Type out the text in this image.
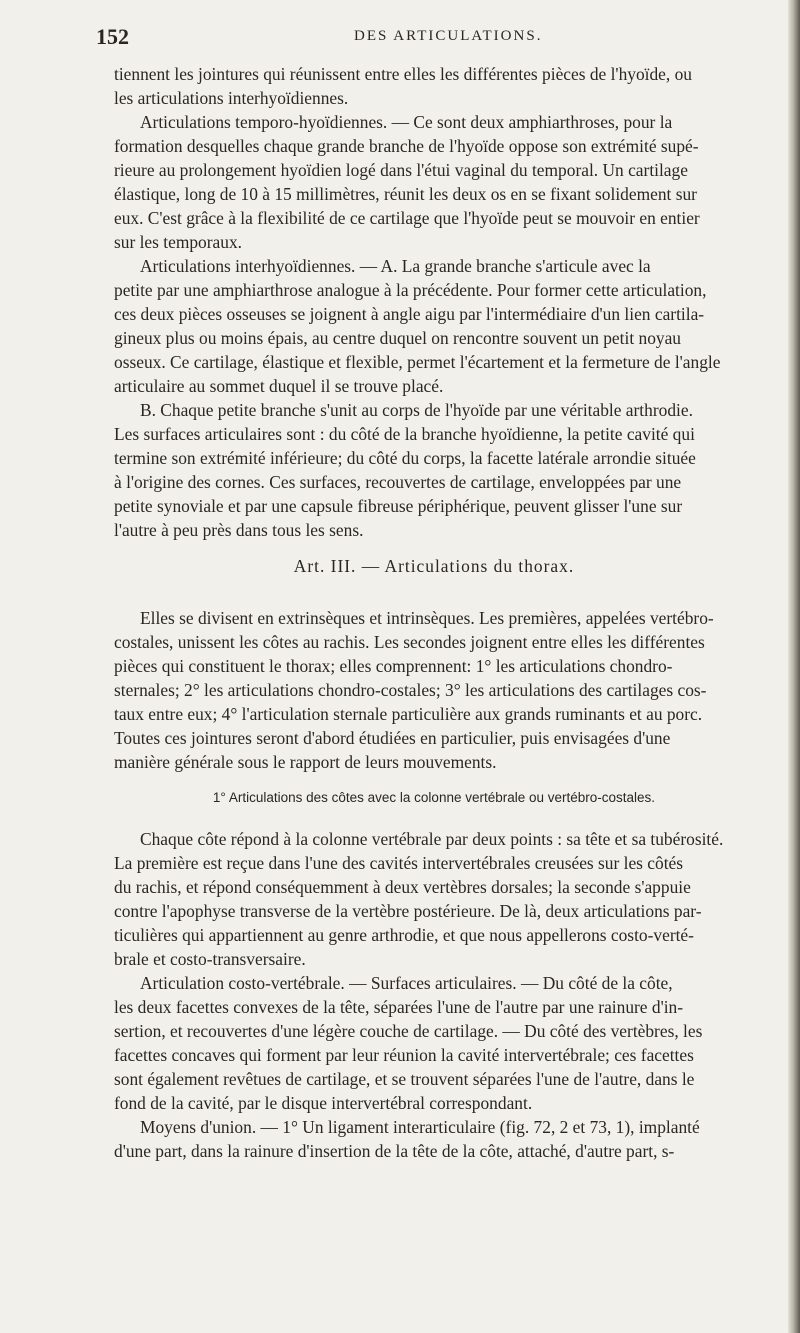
152	DES ARTICULATIONS.

tiennent les jointures qui réunissent entre elles les différentes pièces de l'hyoïde, ou

les articulations interhyoïdiennes.

Articulations temporo-hyoïdiennes. — Ce sont deux amphiarthroses, pour la

formation desquelles chaque grande branche de l'hyoïde oppose son extrémité supé-

rieure au prolongement hyoïdien logé dans l'étui vaginal du temporal. Un cartilage

élastique, long de 10 à 15 millimètres, réunit les deux os en se fixant solidement sur

eux. C'est grâce à la flexibilité de ce cartilage que l'hyoïde peut se mouvoir en entier

sur les temporaux.

Articulations interhyoïdiennes. — A. La grande branche s'articule avec la

petite par une amphiarthrose analogue à la précédente. Pour former cette articulation,

ces deux pièces osseuses se joignent à angle aigu par l'intermédiaire d'un lien cartila-

gineux plus ou moins épais, au centre duquel on rencontre souvent un petit noyau

osseux. Ce cartilage, élastique et flexible, permet l'écartement et la fermeture de l'angle

articulaire au sommet duquel il se trouve placé.

B. Chaque petite branche s'unit au corps de l'hyoïde par une véritable arthrodie.

Les surfaces articulaires sont : du côté de la branche hyoïdienne, la petite cavité qui

termine son extrémité inférieure; du côté du corps, la facette latérale arrondie située

à l'origine des cornes. Ces surfaces, recouvertes de cartilage, enveloppées par une

petite synoviale et par une capsule fibreuse périphérique, peuvent glisser l'une sur

l'autre à peu près dans tous les sens.

Art. III. — Articulations du thorax.

Elles se divisent en extrinsèques et intrinsèques. Les premières, appelées vertébro-

costales, unissent les côtes au rachis. Les secondes joignent entre elles les différentes

pièces qui constituent le thorax; elles comprennent: 1° les articulations chondro-

sternales; 2° les articulations chondro-costales; 3° les articulations des cartilages cos-

taux entre eux; 4° l'articulation sternale particulière aux grands ruminants et au porc.

Toutes ces jointures seront d'abord étudiées en particulier, puis envisagées d'une

manière générale sous le rapport de leurs mouvements.

1° Articulations des côtes avec la colonne vertébrale ou vertébro-costales.

Chaque côte répond à la colonne vertébrale par deux points : sa tête et sa tubérosité.

La première est reçue dans l'une des cavités intervertébrales creusées sur les côtés

du rachis, et répond conséquemment à deux vertèbres dorsales; la seconde s'appuie

contre l'apophyse transverse de la vertèbre postérieure. De là, deux articulations par-

ticulières qui appartiennent au genre arthrodie, et que nous appellerons costo-verté-

brale et costo-transversaire.

Articulation costo-vertébrale. — Surfaces articulaires. — Du côté de la côte,

les deux facettes convexes de la tête, séparées l'une de l'autre par une rainure d'in-

sertion, et recouvertes d'une légère couche de cartilage. — Du côté des vertèbres, les

facettes concaves qui forment par leur réunion la cavité intervertébrale; ces facettes

sont également revêtues de cartilage, et se trouvent séparées l'une de l'autre, dans le

fond de la cavité, par le disque intervertébral correspondant.

Moyens d'union. — 1° Un ligament interarticulaire (fig. 72, 2 et 73, 1), implanté

d'une part, dans la rainure d'insertion de la tête de la côte, attaché, d'autre part, s-
